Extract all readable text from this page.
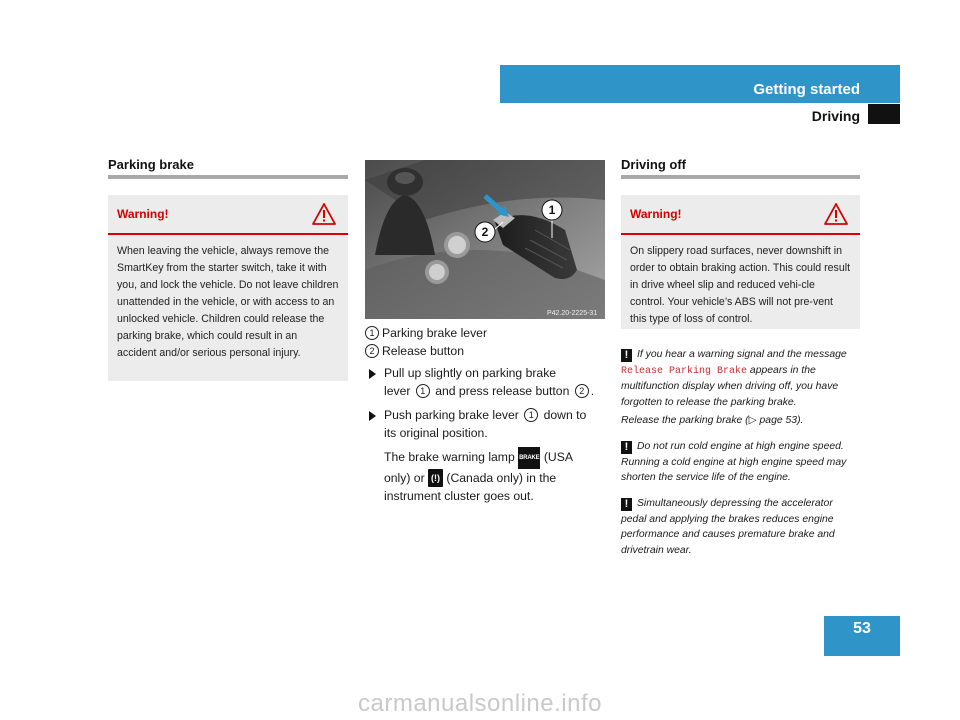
Getting started
Driving
Parking brake
Warning!
When leaving the vehicle, always remove the SmartKey from the starter switch, take it with you, and lock the vehicle. Do not leave children unattended in the vehicle, or with access to an unlocked vehicle. Children could release the parking brake, which could result in an accident and/or serious personal injury.
1
2
P42.20-2225-31
1 Parking brake lever
2 Release button
Pull up slightly on parking brake
lever 1 and press release button 2 .
Push parking brake lever 1 down to
its original position.
The brake warning lamp BRAKE (USA
only) or (!) (Canada only) in the
instrument cluster goes out.
Driving off
Warning!
On slippery road surfaces, never downshift in order to obtain braking action. This could result in drive wheel slip and reduced vehi-cle control. Your vehicle’s ABS will not pre-vent this type of loss of control.
! If you hear a warning signal and the message Release Parking Brake appears in the multifunction display when driving off, you have forgotten to release the parking brake.
Release the parking brake (▷ page 53).
! Do not run cold engine at high engine speed. Running a cold engine at high engine speed may shorten the service life of the engine.
! Simultaneously depressing the accelerator pedal and applying the brakes reduces engine performance and causes premature brake and drivetrain wear.
53
carmanualsonline.info
